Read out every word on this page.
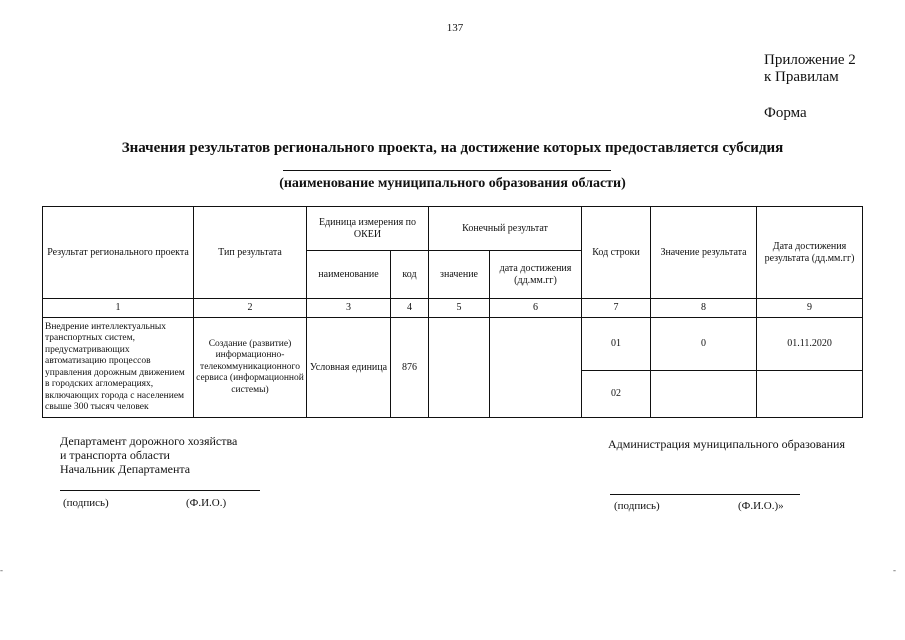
137
Приложение 2
к Правилам
Форма
Значения результатов регионального проекта, на достижение которых предоставляется субсидия
(наименование муниципального образования области)
Результат регионального проекта	Тип результата	Единица измерения по ОКЕИ		Конечный результат		Код строки	Значение результата	Дата достижения результата (дд.мм.гг)
		наименование	код	значение	дата достижения (дд.мм.гг)			
1	2	3	4	5	6	7	8	9
Внедрение интеллектуальных транспортных систем, предусматривающих автоматизацию процессов управления дорожным движением в городских агломерациях, включающих города с населением свыше 300 тысяч человек	Создание (развитие) информационно-телекоммуникационного сервиса (информационной системы)	Условная единица	876			01	0	01.11.2020
						02		
Департамент дорожного хозяйства
и транспорта области
Начальник Департамента
Администрация муниципального образования
(подпись)	(Ф.И.О.)	(подпись)	(Ф.И.О.)»
-	-
